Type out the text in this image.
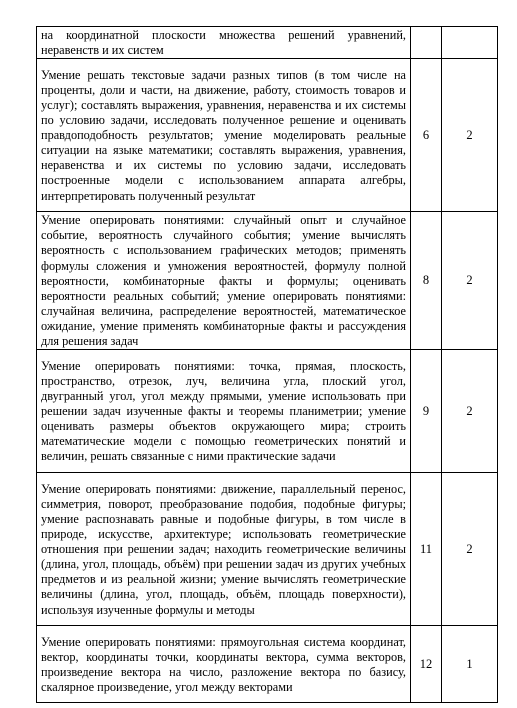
на координатной плоскости множества решений уравнений, неравенств и их систем		
Умение решать текстовые задачи разных типов (в том числе на проценты, доли и части, на движение, работу, стоимость товаров и услуг); составлять выражения, уравнения, неравенства и их системы по условию задачи, исследовать полученное решение и оценивать правдоподобность результатов; умение моделировать реальные ситуации на языке математики; составлять выражения, уравнения, неравенства и их системы по условию задачи, исследовать построенные модели с использованием аппарата алгебры, интерпретировать полученный результат	6	2
Умение оперировать понятиями: случайный опыт и случайное событие, вероятность случайного события; умение вычислять вероятность с использованием графических методов; применять формулы сложения и умножения вероятностей, формулу полной вероятности, комбинаторные факты и формулы; оценивать вероятности реальных событий; умение оперировать понятиями: случайная величина, распределение вероятностей, математическое ожидание, умение применять комбинаторные факты и рассуждения для решения задач	8	2
Умение оперировать понятиями: точка, прямая, плоскость, пространство, отрезок, луч, величина угла, плоский угол, двугранный угол, угол между прямыми, умение использовать при решении задач изученные факты и теоремы планиметрии; умение оценивать размеры объектов окружающего мира; строить математические модели с помощью геометрических понятий и величин, решать связанные с ними практические задачи	9	2
Умение оперировать понятиями: движение, параллельный перенос, симметрия, поворот, преобразование подобия, подобные фигуры; умение распознавать равные и подобные фигуры, в том числе в природе, искусстве, архитектуре; использовать геометрические отношения при решении задач; находить геометрические величины (длина, угол, площадь, объём) при решении задач из других учебных предметов и из реальной жизни; умение вычислять геометрические величины (длина, угол, площадь, объём, площадь поверхности), используя изученные формулы и методы	11	2
Умение оперировать понятиями: прямоугольная система координат, вектор, координаты точки, координаты вектора, сумма векторов, произведение вектора на число, разложение вектора по базису, скалярное произведение, угол между векторами	12	1
